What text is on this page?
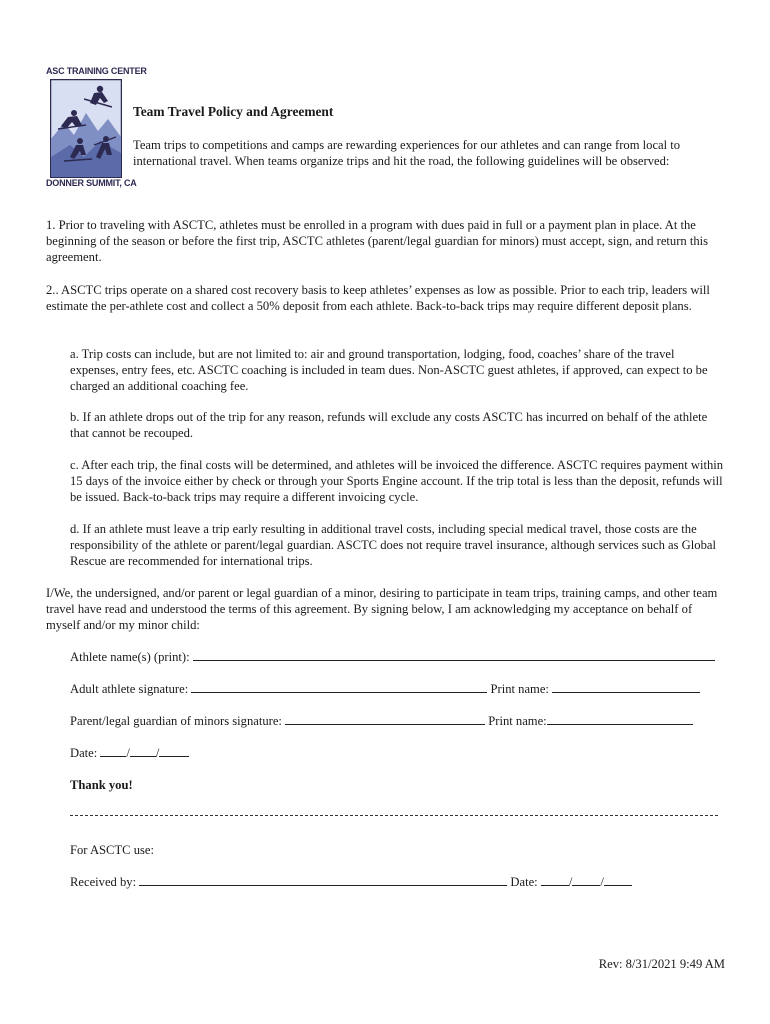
ASC TRAINING CENTER
DONNER SUMMIT, CA
Team Travel Policy and Agreement

Team trips to competitions and camps are rewarding experiences for our athletes and can range from local to international travel. When teams organize trips and hit the road, the following guidelines will be observed:

1. Prior to traveling with ASCTC, athletes must be enrolled in a program with dues paid in full or a payment plan in place. At the beginning of the season or before the first trip, ASCTC athletes (parent/legal guardian for minors) must accept, sign, and return this agreement.

2.. ASCTC trips operate on a shared cost recovery basis to keep athletes’ expenses as low as possible. Prior to each trip, leaders will estimate the per-athlete cost and collect a 50% deposit from each athlete. Back-to-back trips may require different deposit plans.

a. Trip costs can include, but are not limited to: air and ground transportation, lodging, food, coaches’ share of the travel expenses, entry fees, etc. ASCTC coaching is included in team dues. Non-ASCTC guest athletes, if approved, can expect to be charged an additional coaching fee.

b. If an athlete drops out of the trip for any reason, refunds will exclude any costs ASCTC has incurred on behalf of the athlete that cannot be recouped.

c. After each trip, the final costs will be determined, and athletes will be invoiced the difference. ASCTC requires payment within 15 days of the invoice either by check or through your Sports Engine account. If the trip total is less than the deposit, refunds will be issued. Back-to-back trips may require a different invoicing cycle.

d. If an athlete must leave a trip early resulting in additional travel costs, including special medical travel, those costs are the responsibility of the athlete or parent/legal guardian. ASCTC does not require travel insurance, although services such as Global Rescue are recommended for international trips.

I/We, the undersigned, and/or parent or legal guardian of a minor, desiring to participate in team trips, training camps, and other team travel have read and understood the terms of this agreement. By signing below, I am acknowledging my acceptance on behalf of myself and/or my minor child:

Athlete name(s) (print):
Adult athlete signature:	Print name:
Parent/legal guardian of minors signature:	Print name:
Date: / /
Thank you!
For ASCTC use:
Received by:	Date: / /
Rev: 8/31/2021 9:49 AM
